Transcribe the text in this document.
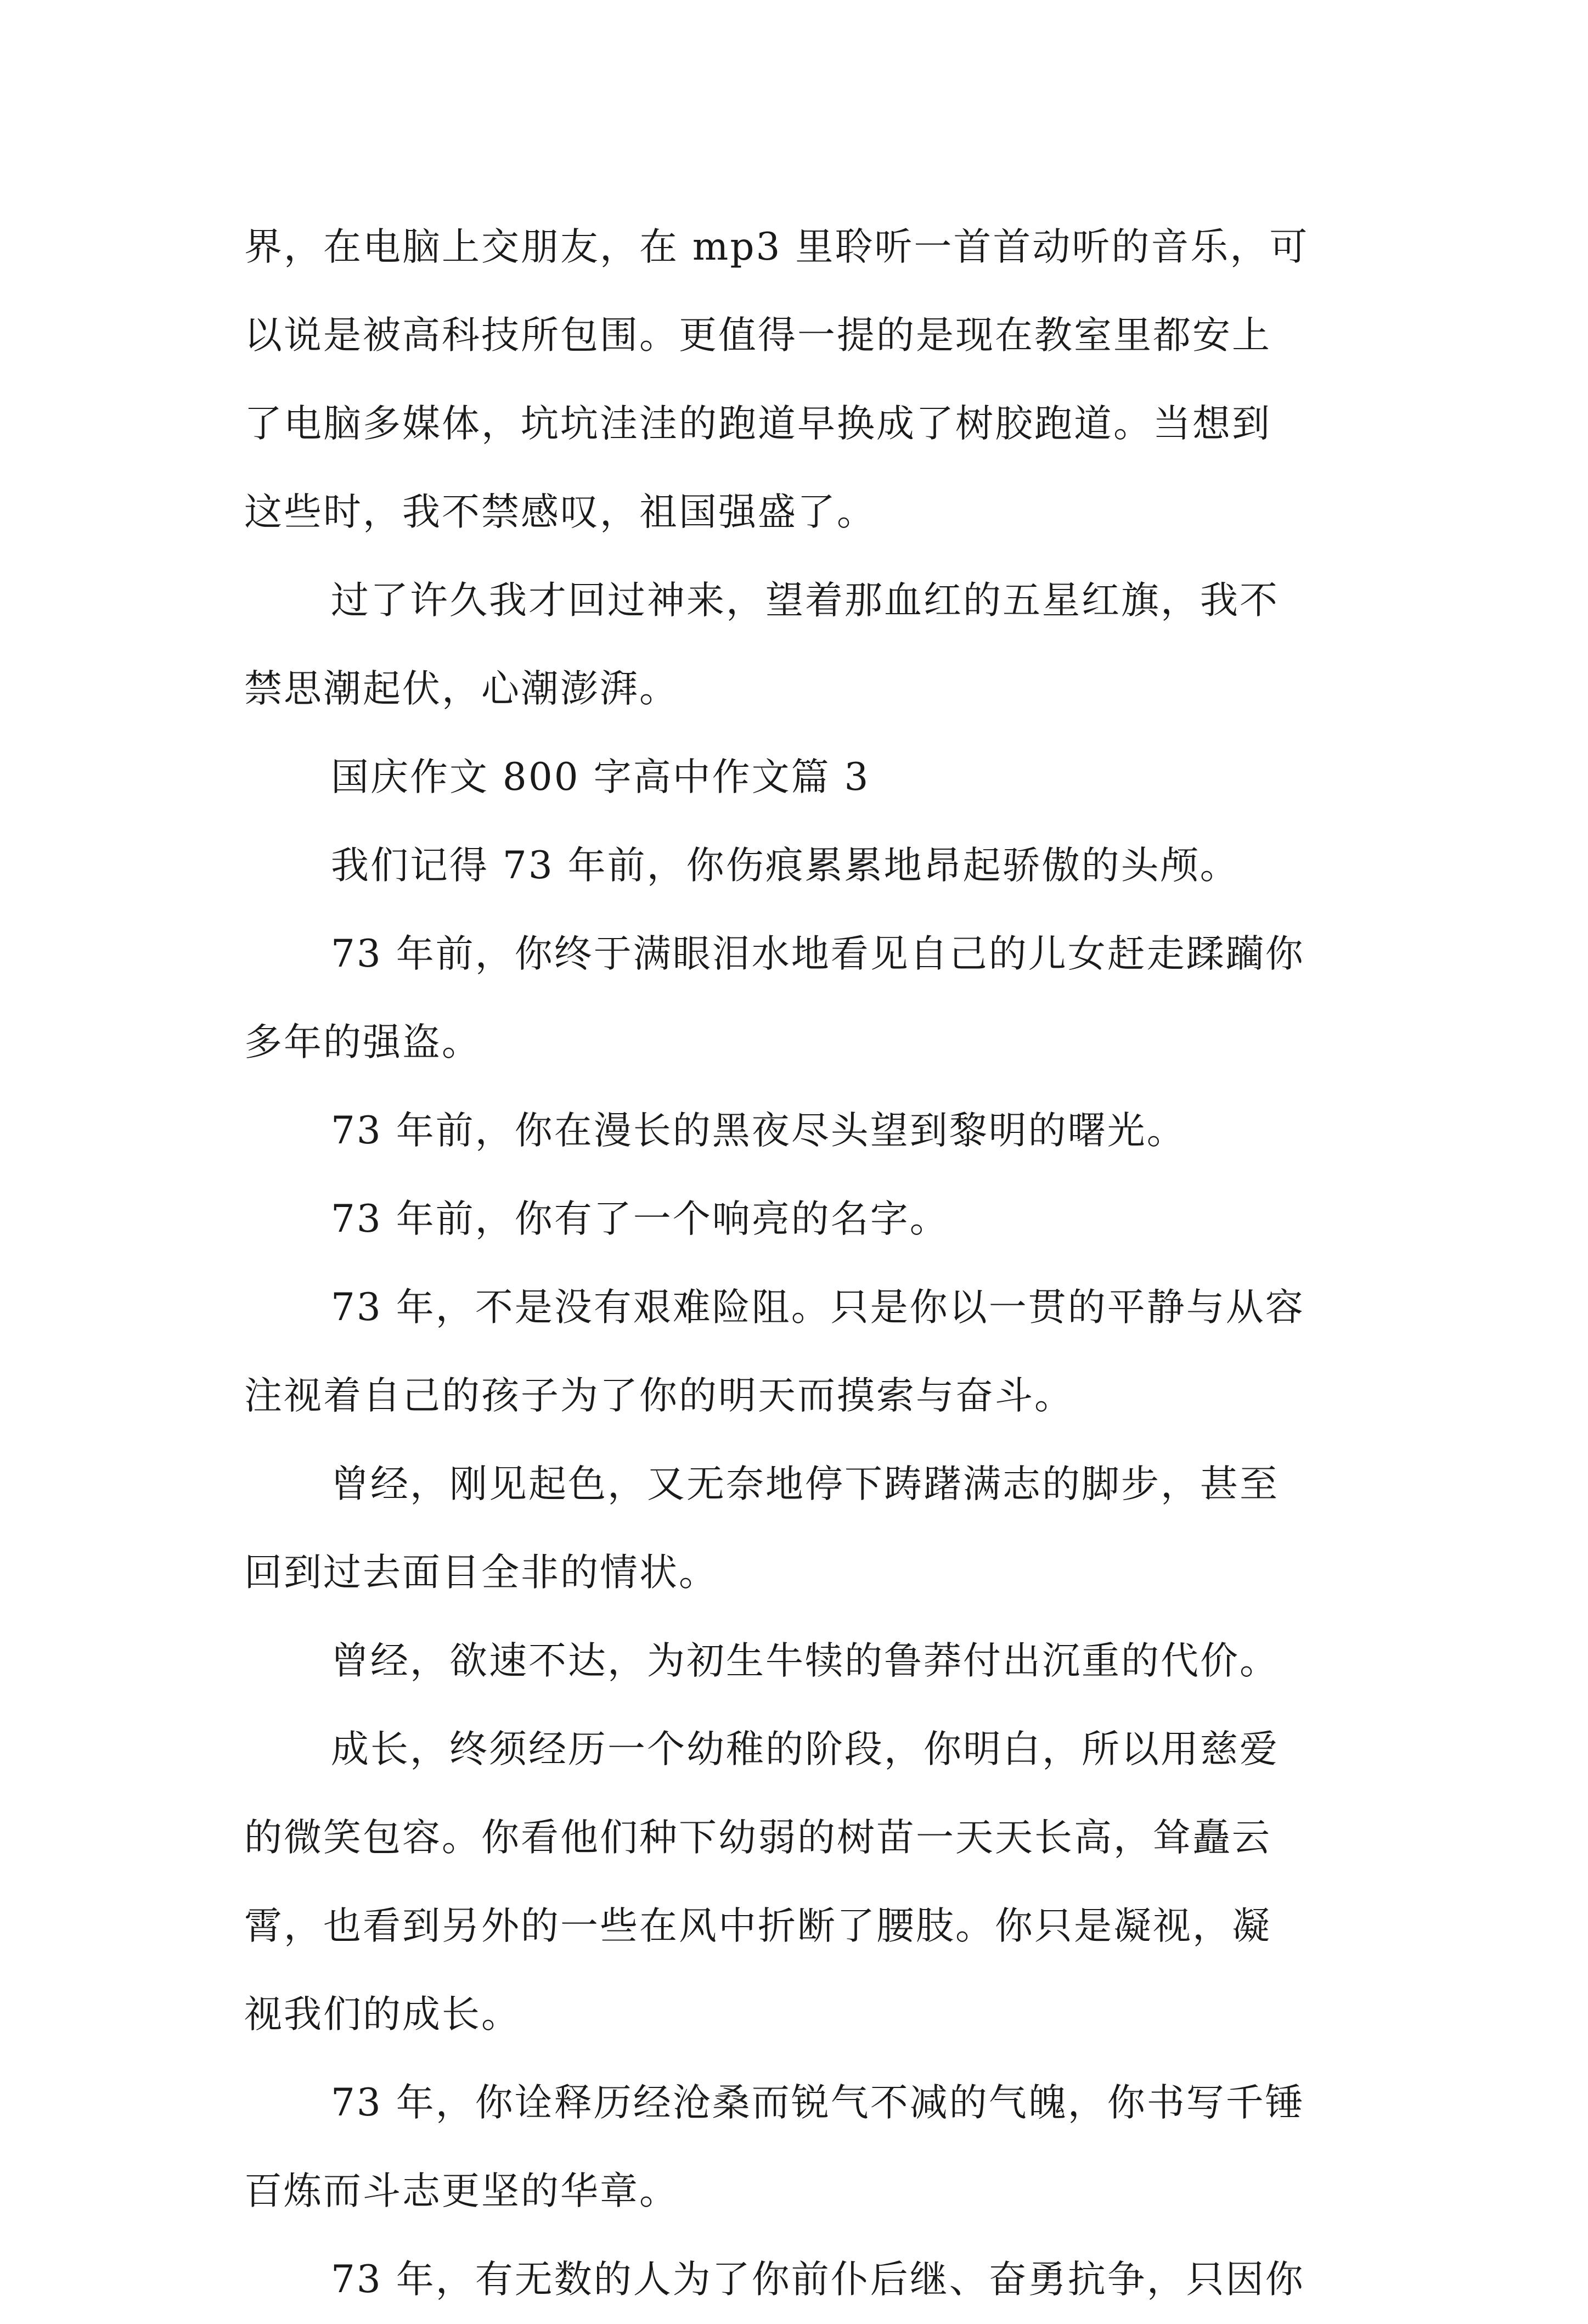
界，在电脑上交朋友，在 mp3 里聆听一首首动听的音乐，可
以说是被高科技所包围。更值得一提的是现在教室里都安上
了电脑多媒体，坑坑洼洼的跑道早换成了树胶跑道。当想到
这些时，我不禁感叹，祖国强盛了。
过了许久我才回过神来，望着那血红的五星红旗，我不
禁思潮起伏，心潮澎湃。
国庆作文 800 字高中作文篇 3
我们记得 73 年前，你伤痕累累地昂起骄傲的头颅。
73 年前，你终于满眼泪水地看见自己的儿女赶走蹂躏你
多年的强盗。
73 年前，你在漫长的黑夜尽头望到黎明的曙光。
73 年前，你有了一个响亮的名字。
73 年，不是没有艰难险阻。只是你以一贯的平静与从容
注视着自己的孩子为了你的明天而摸索与奋斗。
曾经，刚见起色，又无奈地停下踌躇满志的脚步，甚至
回到过去面目全非的情状。
曾经，欲速不达，为初生牛犊的鲁莽付出沉重的代价。
成长，终须经历一个幼稚的阶段，你明白，所以用慈爱
的微笑包容。你看他们种下幼弱的树苗一天天长高，耸矗云
霄，也看到另外的一些在风中折断了腰肢。你只是凝视，凝
视我们的成长。
73 年，你诠释历经沧桑而锐气不减的气魄，你书写千锤
百炼而斗志更坚的华章。
73 年，有无数的人为了你前仆后继、奋勇抗争，只因你
